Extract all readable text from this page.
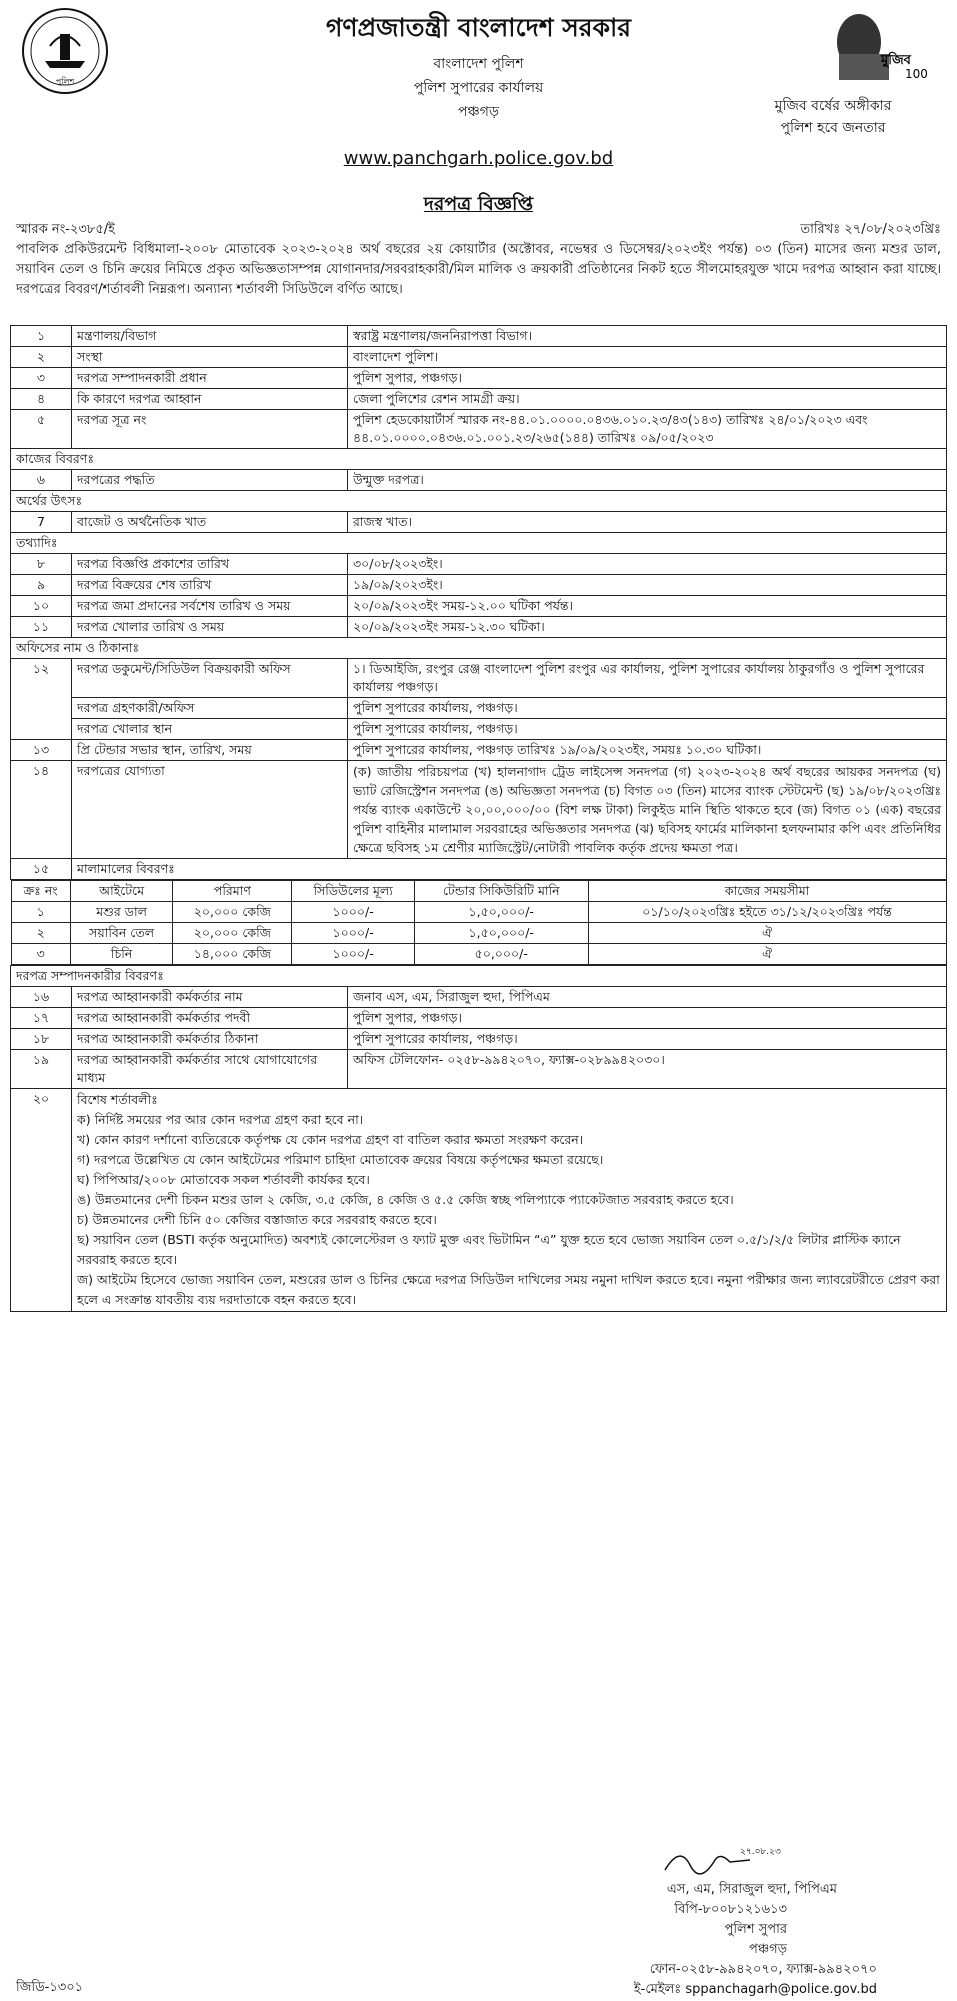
পুলিশ
গণপ্রজাতন্ত্রী বাংলাদেশ সরকার
বাংলাদেশ পুলিশ
পুলিশ সুপারের কার্যালয়
পঞ্চগড়
www.panchgarh.police.gov.bd
মুজিব
100
মুজিব বর্ষের অঙ্গীকার
পুলিশ হবে জনতার
দরপত্র বিজ্ঞপ্তি
স্মারক নং-২৩৮৫/ই	তারিখঃ ২৭/০৮/২০২৩খ্রিঃ
পাবলিক প্রকিউরমেন্ট বিধিমালা-২০০৮ মোতাবেক ২০২৩-২০২৪ অর্থ বছরের ২য় কোয়ার্টার (অক্টোবর, নভেম্বর ও ডিসেম্বর/২০২৩ইং পর্যন্ত) ০৩ (তিন) মাসের জন্য মশুর ডাল, সয়াবিন তেল ও চিনি ক্রয়ের নিমিত্তে প্রকৃত অভিজ্ঞতাসম্পন্ন যোগানদার/সরবরাহকারী/মিল মালিক ও ক্রয়কারী প্রতিষ্ঠানের নিকট হতে সীলমোহরযুক্ত খামে দরপত্র আহ্বান করা যাচ্ছে। দরপত্রের বিবরণ/শর্তাবলী নিম্নরূপ। অন্যান্য শর্তাবলী সিডিউলে বর্ণিত আছে।
১	মন্ত্রণালয়/বিভাগ	স্বরাষ্ট্র মন্ত্রণালয়/জননিরাপত্তা বিভাগ।
২	সংস্থা	বাংলাদেশ পুলিশ।
৩	দরপত্র সম্পাদনকারী প্রধান	পুলিশ সুপার, পঞ্চগড়।
৪	কি কারণে দরপত্র আহ্বান	জেলা পুলিশের রেশন সামগ্রী ক্রয়।
৫	দরপত্র সূত্র নং	পুলিশ হেডকোয়ার্টার্স স্মারক নং-৪৪.০১.০০০০.০৪৩৬.০১০.২৩/৪৩(১৪৩) তারিখঃ ২৪/০১/২০২৩ এবং ৪৪.০১.০০০০.০৪৩৬.০১.০০১.২৩/২৬৫(১৪৪) তারিখঃ ০৯/০৫/২০২৩
কাজের বিবরণঃ
৬	দরপত্রের পদ্ধতি	উন্মুক্ত দরপত্র।
অর্থের উৎসঃ
7	বাজেট ও অর্থনৈতিক খাত	রাজস্ব খাত।
তথ্যাদিঃ
৮	দরপত্র বিজ্ঞপ্তি প্রকাশের তারিখ	৩০/০৮/২০২৩ইং।
৯	দরপত্র বিক্রয়ের শেষ তারিখ	১৯/০৯/২০২৩ইং।
১০	দরপত্র জমা প্রদানের সর্বশেষ তারিখ ও সময়	২০/০৯/২০২৩ইং সময়-১২.০০ ঘটিকা পর্যন্ত।
১১	দরপত্র খোলার তারিখ ও সময়	২০/০৯/২০২৩ইং সময়-১২.৩০ ঘটিকা।
অফিসের নাম ও ঠিকানাঃ
১২	দরপত্র ডকুমেন্ট/সিডিউল বিক্রয়কারী অফিস	১। ডিআইজি, রংপুর রেঞ্জ বাংলাদেশ পুলিশ রংপুর এর কার্যালয়, পুলিশ সুপারের কার্যালয় ঠাকুরগাঁও ও পুলিশ সুপারের কার্যালয় পঞ্চগড়।
দরপত্র গ্রহণকারী/অফিস	পুলিশ সুপারের কার্যালয়, পঞ্চগড়।
দরপত্র খোলার স্থান	পুলিশ সুপারের কার্যালয়, পঞ্চগড়।
১৩	প্রি টেন্ডার সভার স্থান, তারিখ, সময়	পুলিশ সুপারের কার্যালয়, পঞ্চগড় তারিখঃ ১৯/০৯/২০২৩ইং, সময়ঃ ১০.৩০ ঘটিকা।
১৪	দরপত্রের যোগ্যতা	(ক) জাতীয় পরিচয়পত্র (খ) হালনাগাদ ট্রেড লাইসেন্স সনদপত্র (গ) ২০২৩-২০২৪ অর্থ বছরের আয়কর সনদপত্র (ঘ) ভ্যাট রেজিস্ট্রেশন সনদপত্র (ঙ) অভিজ্ঞতা সনদপত্র (চ) বিগত ০৩ (তিন) মাসের ব্যাংক স্টেটমেন্ট (ছ) ১৯/০৮/২০২৩খ্রিঃ পর্যন্ত ব্যাংক একাউন্টে ২০,০০,০০০/০০ (বিশ লক্ষ টাকা) লিকুইড মানি স্থিতি থাকতে হবে (জ) বিগত ০১ (এক) বছরের পুলিশ বাহিনীর মালামাল সরবরাহের অভিজ্ঞতার সনদপত্র (ঝ) ছবিসহ ফার্মের মালিকানা হলফনামার কপি এবং প্রতিনিধির ক্ষেত্রে ছবিসহ ১ম শ্রেণীর ম্যাজিস্ট্রেট/নোটারী পাবলিক কর্তৃক প্রদেয় ক্ষমতা পত্র।
১৫	মালামালের বিবরণঃ

ক্রঃ নং	আইটেমে	পরিমাণ	সিডিউলের মূল্য	টেন্ডার সিকিউরিটি মানি	কাজের সময়সীমা
১	মশুর ডাল	২০,০০০ কেজি	১০০০/-	১,৫০,০০০/-	০১/১০/২০২৩খ্রিঃ হইতে ৩১/১২/২০২৩খ্রিঃ পর্যন্ত
২	সয়াবিন তেল	২০,০০০ কেজি	১০০০/-	১,৫০,০০০/-	ঐ
৩	চিনি	১৪,০০০ কেজি	১০০০/-	৫০,০০০/-	ঐ

দরপত্র সম্পাদনকারীর বিবরণঃ
১৬	দরপত্র আহ্বানকারী কর্মকর্তার নাম	জনাব এস, এম, সিরাজুল হুদা, পিপিএম
১৭	দরপত্র আহ্বানকারী কর্মকর্তার পদবী	পুলিশ সুপার, পঞ্চগড়।
১৮	দরপত্র আহ্বানকারী কর্মকর্তার ঠিকানা	পুলিশ সুপারের কার্যালয়, পঞ্চগড়।
১৯	দরপত্র আহ্বানকারী কর্মকর্তার সাথে যোগাযোগের মাধ্যম	অফিস টেলিফোন- ০২৫৮-৯৯৪২০৭০, ফ্যাক্স-০২৮৯৯৪২০৩০।
২০	বিশেষ শর্তাবলীঃ
ক) নির্দিষ্ট সময়ের পর আর কোন দরপত্র গ্রহণ করা হবে না।
খ) কোন কারণ দর্শানো ব্যতিরেকে কর্তৃপক্ষ যে কোন দরপত্র গ্রহণ বা বাতিল করার ক্ষমতা সংরক্ষণ করেন।
গ) দরপত্রে উল্লেখিত যে কোন আইটেমের পরিমাণ চাহিদা মোতাবেক ক্রয়ের বিষয়ে কর্তৃপক্ষের ক্ষমতা রয়েছে।
ঘ) পিপিআর/২০০৮ মোতাবেক সকল শর্তাবলী কার্যকর হবে।
ঙ) উন্নতমানের দেশী চিকন মশুর ডাল ২ কেজি, ৩.৫ কেজি, ৪ কেজি ও ৫.৫ কেজি স্বচ্ছ পলিপ্যাকে প্যাকেটজাত সরবরাহ করতে হবে।
চ) উন্নতমানের দেশী চিনি ৫০ কেজির বস্তাজাত করে সরবরাহ করতে হবে।
ছ) সয়াবিন তেল (BSTI কর্তৃক অনুমোদিত) অবশ্যই কোলেস্টেরল ও ফ্যাট মুক্ত এবং ভিটামিন “এ” যুক্ত হতে হবে ভোজ্য সয়াবিন তেল ০.৫/১/২/৫ লিটার প্লাস্টিক ক্যানে সরবরাহ করতে হবে।
জ) আইটেম হিসেবে ভোজ্য সয়াবিন তেল, মশুরের ডাল ও চিনির ক্ষেত্রে দরপত্র সিডিউল দাখিলের সময় নমুনা দাখিল করতে হবে। নমুনা পরীক্ষার জন্য ল্যাবরেটরীতে প্রেরণ করা হলে এ সংক্রান্ত যাবতীয় ব্যয় দরদাতাকে বহন করতে হবে।
২৭.০৮.২৩
এস, এম, সিরাজুল হুদা, পিপিএম
বিপি-৮০০৮১২১৬১৩
পুলিশ সুপার
পঞ্চগড়
ফোন-০২৫৮-৯৯৪২০৭০, ফ্যাক্স-৯৯৪২০৭০
ই-মেইলঃ sppanchagarh@police.gov.bd
জিডি-১৩০১
